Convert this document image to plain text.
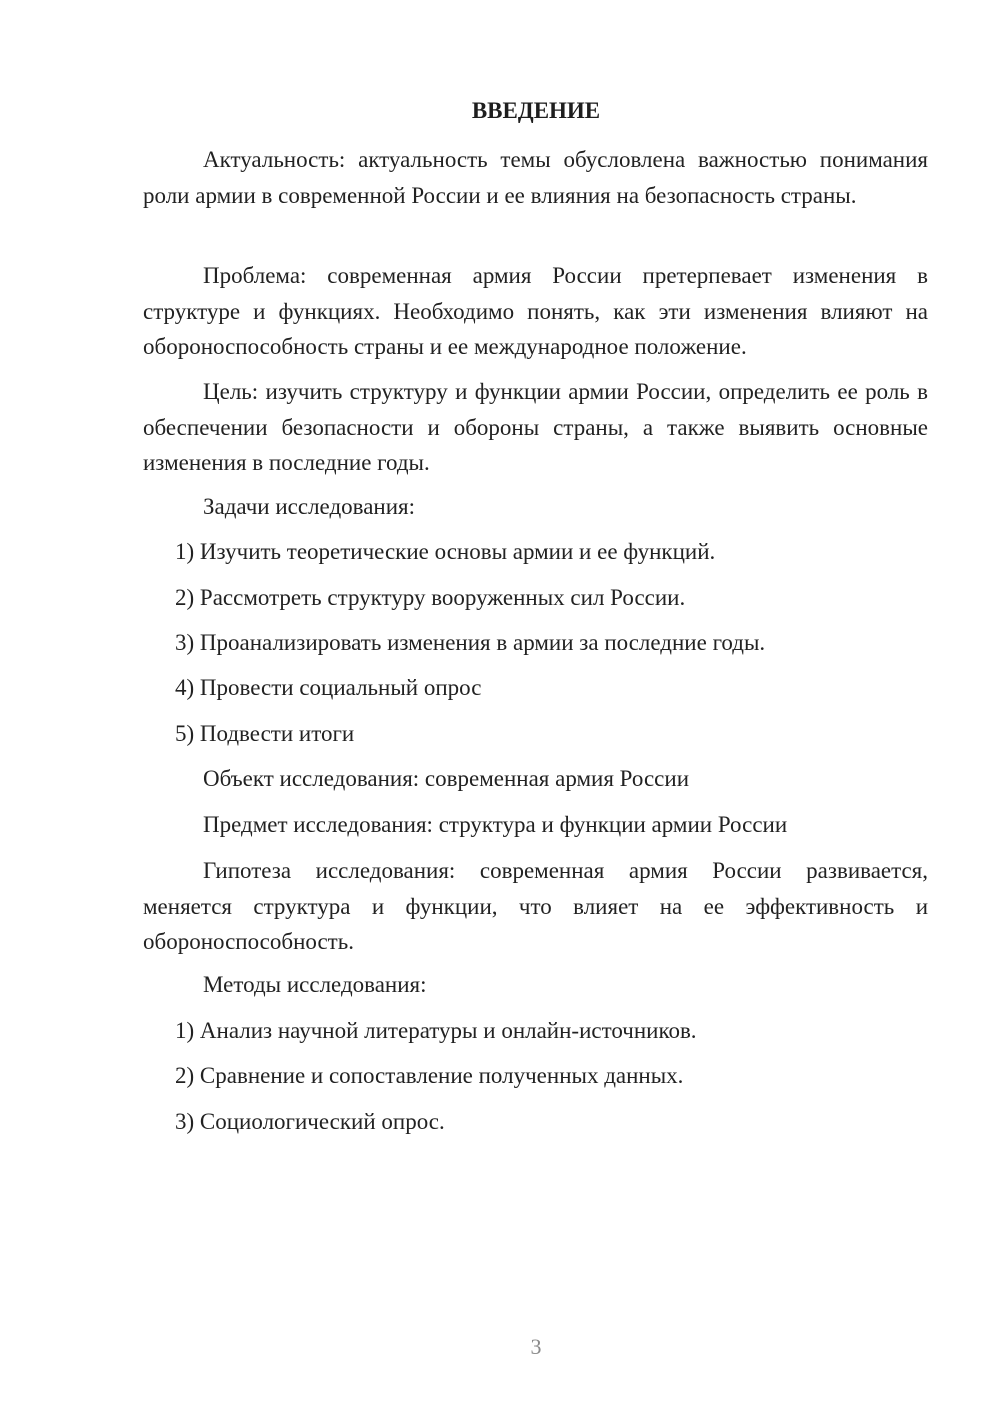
ВВЕДЕНИЕ

Актуальность: актуальность темы обусловлена важностью понимания роли армии в современной России и ее влияния на безопасность страны.

Проблема: современная армия России претерпевает изменения в структуре и функциях. Необходимо понять, как эти изменения влияют на обороноспособность страны и ее международное положение.

Цель: изучить структуру и функции армии России, определить ее роль в обеспечении безопасности и обороны страны, а также выявить основные изменения в последние годы.

Задачи исследования:
1) Изучить теоретические основы армии и ее функций.
2) Рассмотреть структуру вооруженных сил России.
3) Проанализировать изменения в армии за последние годы.
4) Провести социальный опрос
5) Подвести итоги
Объект исследования: современная армия России
Предмет исследования: структура и функции армии России

Гипотеза исследования: современная армия России развивается, меняется структура и функции, что влияет на ее эффективность и обороноспособность.

Методы исследования:
1) Анализ научной литературы и онлайн-источников.
2) Сравнение и сопоставление полученных данных.
3) Социологический опрос.
3
